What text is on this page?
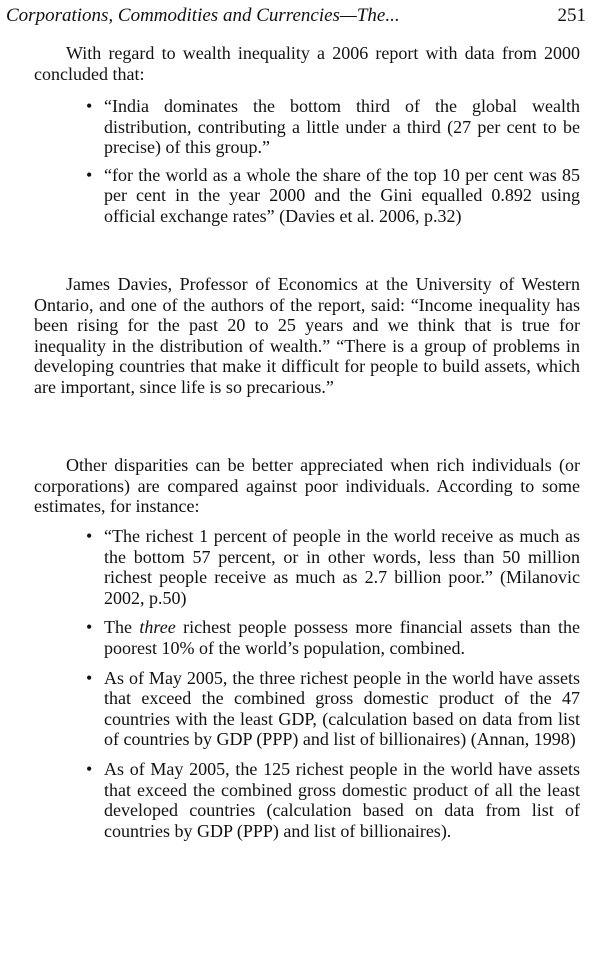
Corporations, Commodities and Currencies—The...	251

With regard to wealth inequality a 2006 report with data from 2000 concluded that:

• “India dominates the bottom third of the global wealth distribution, contributing a little under a third (27 per cent to be precise) of this group.”
• “for the world as a whole the share of the top 10 per cent was 85 per cent in the year 2000 and the Gini equalled 0.892 using official exchange rates” (Davies et al. 2006, p.32)

James Davies, Professor of Economics at the University of Western Ontario, and one of the authors of the report, said: “Income inequality has been rising for the past 20 to 25 years and we think that is true for inequality in the distribution of wealth.” “There is a group of problems in developing countries that make it difficult for people to build assets, which are important, since life is so precarious.”

Other disparities can be better appreciated when rich individuals (or corporations) are compared against poor individuals. According to some estimates, for instance:

• “The richest 1 percent of people in the world receive as much as the bottom 57 percent, or in other words, less than 50 million richest people receive as much as 2.7 billion poor.” (Milanovic 2002, p.50)
• The three richest people possess more financial assets than the poorest 10% of the world’s population, combined.
• As of May 2005, the three richest people in the world have assets that exceed the combined gross domestic product of the 47 countries with the least GDP, (calculation based on data from list of countries by GDP (PPP) and list of billionaires) (Annan, 1998)
• As of May 2005, the 125 richest people in the world have assets that exceed the combined gross domestic product of all the least developed countries (calculation based on data from list of countries by GDP (PPP) and list of billionaires).
